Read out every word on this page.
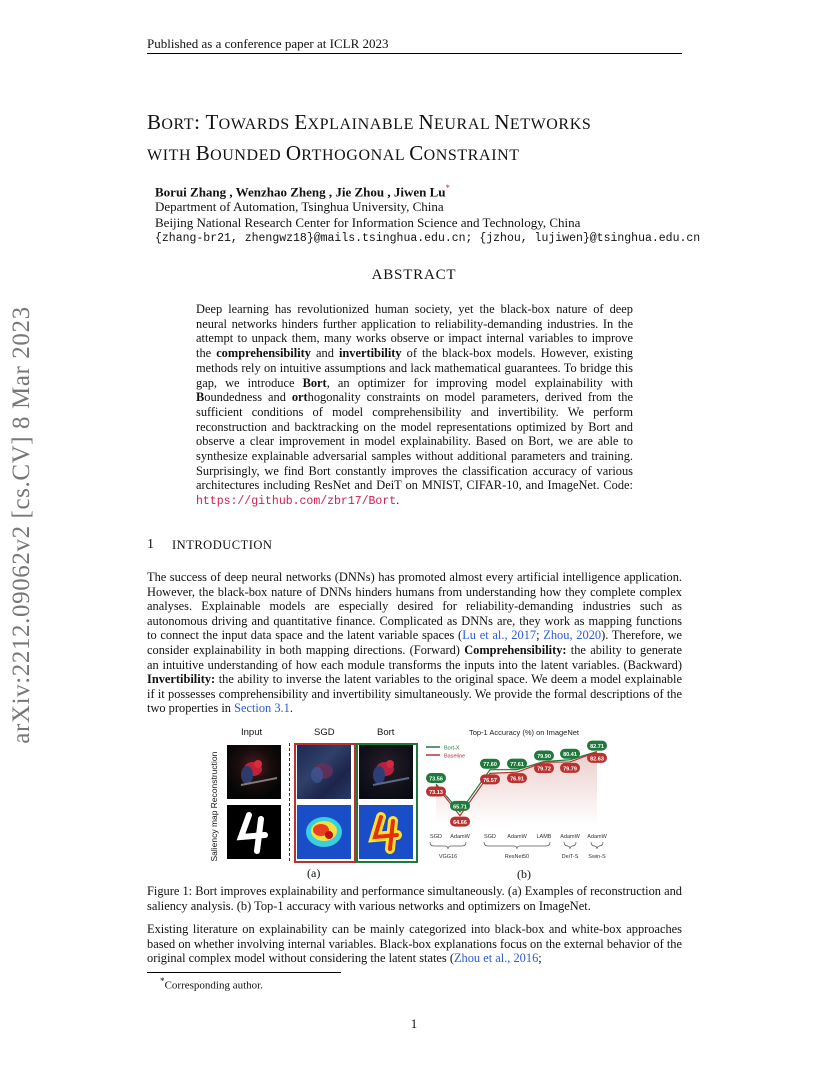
Published as a conference paper at ICLR 2023
arXiv:2212.09062v2 [cs.CV] 8 Mar 2023
BORT: TOWARDS EXPLAINABLE NEURAL NETWORKS
WITH BOUNDED ORTHOGONAL CONSTRAINT
Borui Zhang , Wenzhao Zheng , Jie Zhou , Jiwen Lu*
Department of Automation, Tsinghua University, China
Beijing National Research Center for Information Science and Technology, China
{zhang-br21, zhengwz18}@mails.tsinghua.edu.cn; {jzhou, lujiwen}@tsinghua.edu.cn
ABSTRACT
Deep learning has revolutionized human society, yet the black-box nature of deep neural networks hinders further application to reliability-demanding industries. In the attempt to unpack them, many works observe or impact internal variables to improve the comprehensibility and invertibility of the black-box models. However, existing methods rely on intuitive assumptions and lack mathematical guarantees. To bridge this gap, we introduce Bort, an optimizer for improving model explainability with Boundedness and orthogonality constraints on model parameters, derived from the sufficient conditions of model comprehensibility and invertibility. We perform reconstruction and backtracking on the model representations optimized by Bort and observe a clear improvement in model explainability. Based on Bort, we are able to synthesize explainable adversarial samples without additional parameters and training. Surprisingly, we find Bort constantly improves the classification accuracy of various architectures including ResNet and DeiT on MNIST, CIFAR-10, and ImageNet. Code: https://github.com/zbr17/Bort.
1 INTRODUCTION
The success of deep neural networks (DNNs) has promoted almost every artificial intelligence application. However, the black-box nature of DNNs hinders humans from understanding how they complete complex analyses. Explainable models are especially desired for reliability-demanding industries such as autonomous driving and quantitative finance. Complicated as DNNs are, they work as mapping functions to connect the input data space and the latent variable spaces (Lu et al., 2017; Zhou, 2020). Therefore, we consider explainability in both mapping directions. (Forward) Comprehensibility: the ability to generate an intuitive understanding of how each module transforms the inputs into the latent variables. (Backward) Invertibility: the ability to inverse the latent variables to the original space. We deem a model explainable if it possesses comprehensibility and invertibility simultaneously. We provide the formal descriptions of the two properties in Section 3.1.
Input	SGD	Bort
Reconstruction
Saliency map
(a)
Top-1 Accuracy (%) on ImageNet
73.56
65.71
77.60 77.61
79.90 80.41
82.71
73.13
64.66
76.57 76.91
79.72 79.79
82.63
Bort-X
Baseline
SGD AdamW	SGD AdamW LAMB AdamW AdamW
VGG16	ResNet50	DeiT-S Swin-S
(b)
Figure 1: Bort improves explainability and performance simultaneously. (a) Examples of reconstruction and saliency analysis. (b) Top-1 accuracy with various networks and optimizers on ImageNet.
Existing literature on explainability can be mainly categorized into black-box and white-box approaches based on whether involving internal variables. Black-box explanations focus on the external behavior of the original complex model without considering the latent states (Zhou et al., 2016;
*Corresponding author.
1
